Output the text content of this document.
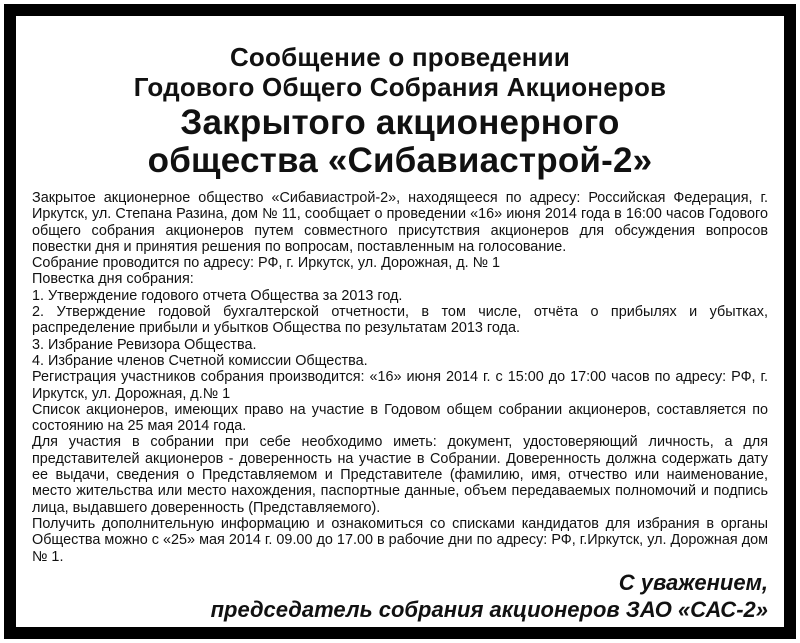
Сообщение о проведении
Годового Общего Собрания Акционеров
Закрытого акционерного
общества «Сибавиастрой-2»

Закрытое акционерное общество «Сибавиастрой-2», находящееся по адресу: Российская Федерация, г. Иркутск, ул. Степана Разина, дом № 11, сообщает о проведении «16» июня 2014 года в 16:00 часов Годового общего собрания акционеров путем совместного присутствия акционеров для обсуждения вопросов повестки дня и принятия решения по вопросам, поставленным на голосование.

Собрание проводится по адресу: РФ, г. Иркутск, ул. Дорожная, д. № 1

Повестка дня собрания:

1. Утверждение годового отчета Общества за 2013 год.

2. Утверждение годовой бухгалтерской отчетности, в том числе, отчёта о прибылях и убытках, распределение прибыли и убытков Общества по результатам 2013 года.

3. Избрание Ревизора Общества.

4. Избрание членов Счетной комиссии Общества.

Регистрация участников собрания производится: «16» июня 2014 г. с 15:00 до 17:00 часов по адресу: РФ, г. Иркутск, ул. Дорожная, д.№ 1

Список акционеров, имеющих право на участие в Годовом общем собрании акционеров, составляется по состоянию на 25 мая 2014 года.

Для участия в собрании при себе необходимо иметь: документ, удостоверяющий личность, а для представителей акционеров - доверенность на участие в Собрании. Доверенность должна содержать дату ее выдачи, сведения о Представляемом и Представителе (фамилию, имя, отчество или наименование, место жительства или место нахождения, паспортные данные, объем передаваемых полномочий и подпись лица, выдавшего доверенность (Представляемого).

Получить дополнительную информацию и ознакомиться со списками кандидатов для избрания в органы Общества можно с «25» мая 2014 г. 09.00 до 17.00 в рабочие дни по адресу: РФ, г.Иркутск, ул. Дорожная дом № 1.

С уважением,
председатель собрания акционеров ЗАО «САС-2»
